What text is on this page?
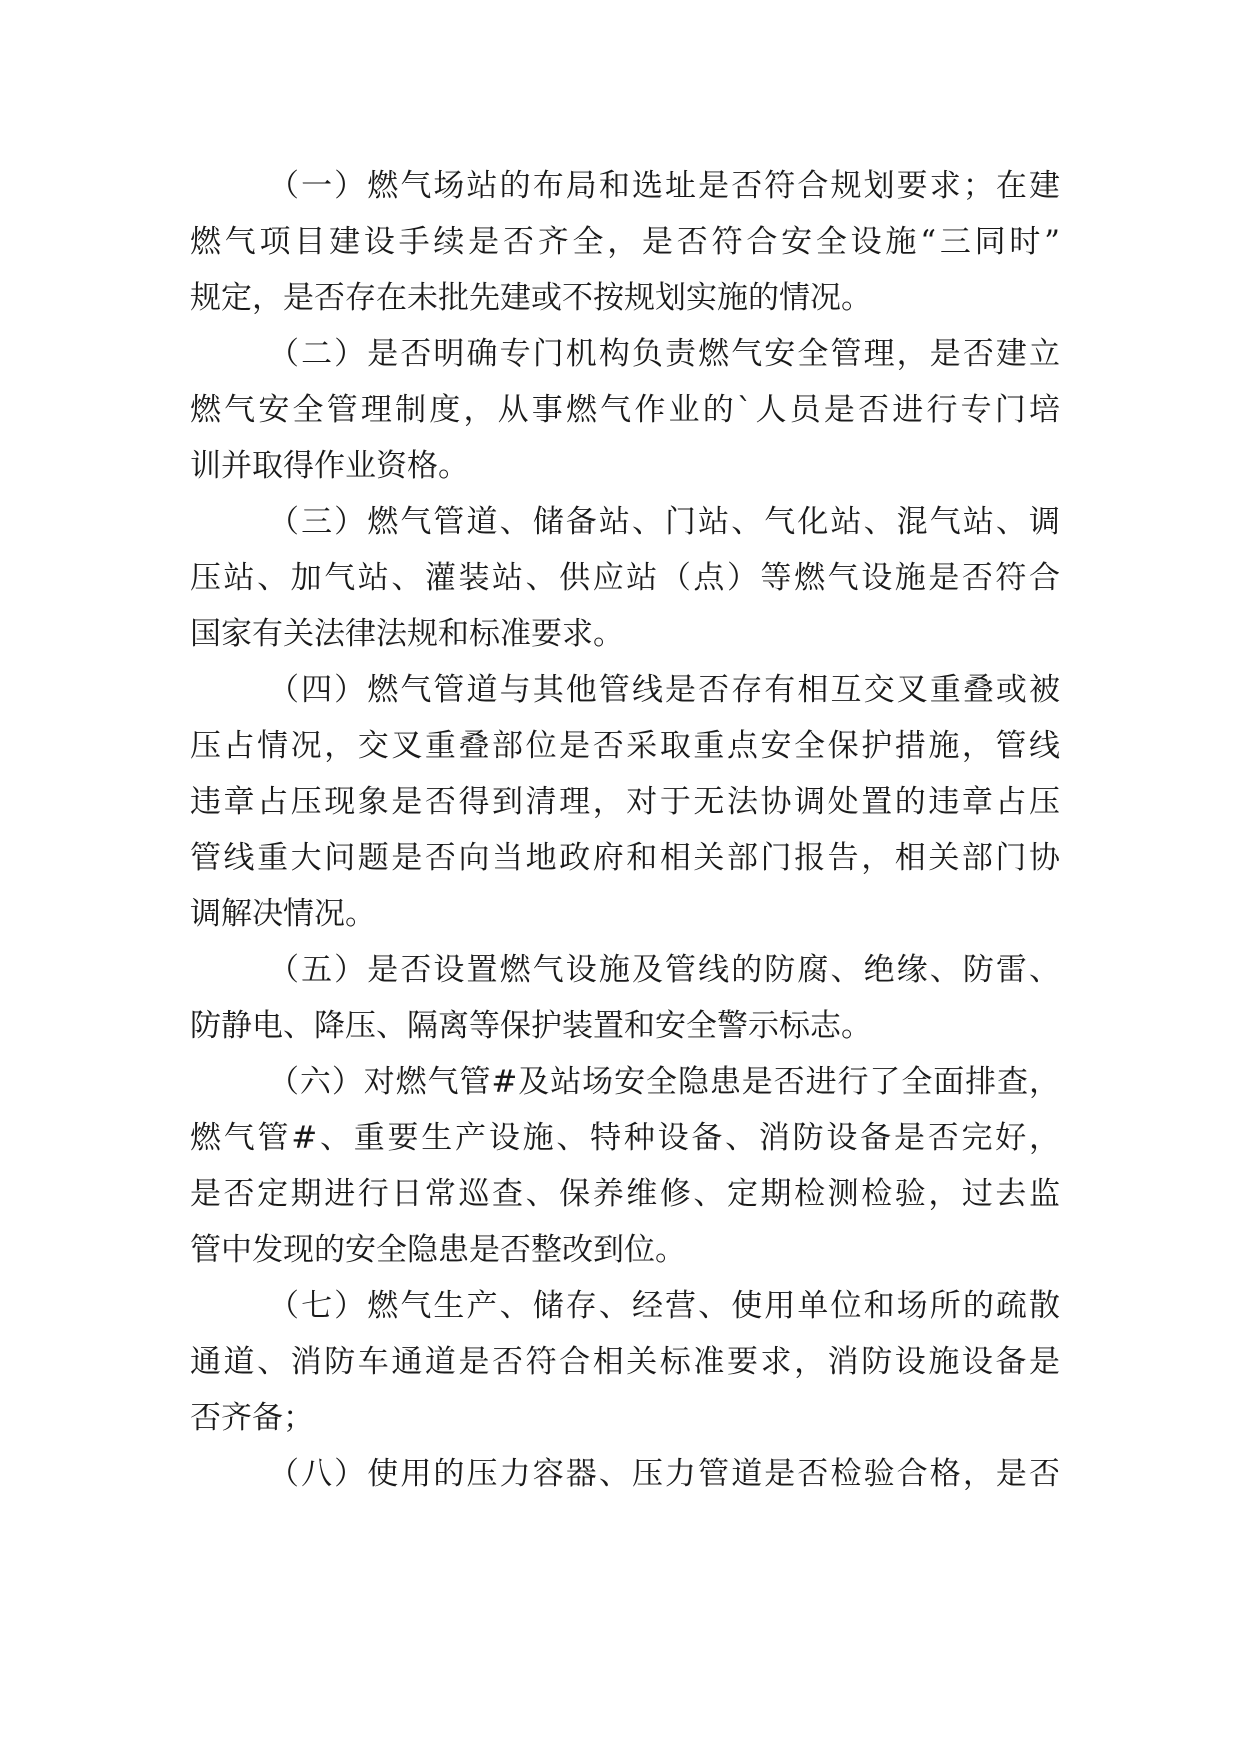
（一）燃气场站的布局和选址是否符合规划要求；在建
燃气项目建设手续是否齐全，是否符合安全设施“三同时”
规定，是否存在未批先建或不按规划实施的情况。
（二）是否明确专门机构负责燃气安全管理，是否建立
燃气安全管理制度，从事燃气作业的`人员是否进行专门培
训并取得作业资格。
（三）燃气管道、储备站、门站、气化站、混气站、调
压站、加气站、灌装站、供应站（点）等燃气设施是否符合
国家有关法律法规和标准要求。
（四）燃气管道与其他管线是否存有相互交叉重叠或被
压占情况，交叉重叠部位是否采取重点安全保护措施，管线
违章占压现象是否得到清理，对于无法协调处置的违章占压
管线重大问题是否向当地政府和相关部门报告，相关部门协
调解决情况。
（五）是否设置燃气设施及管线的防腐、绝缘、防雷、
防静电、降压、隔离等保护装置和安全警示标志。
（六）对燃气管#及站场安全隐患是否进行了全面排查，
燃气管#、重要生产设施、特种设备、消防设备是否完好，
是否定期进行日常巡查、保养维修、定期检测检验，过去监
管中发现的安全隐患是否整改到位。
（七）燃气生产、储存、经营、使用单位和场所的疏散
通道、消防车通道是否符合相关标准要求，消防设施设备是
否齐备；
（八）使用的压力容器、压力管道是否检验合格，是否
